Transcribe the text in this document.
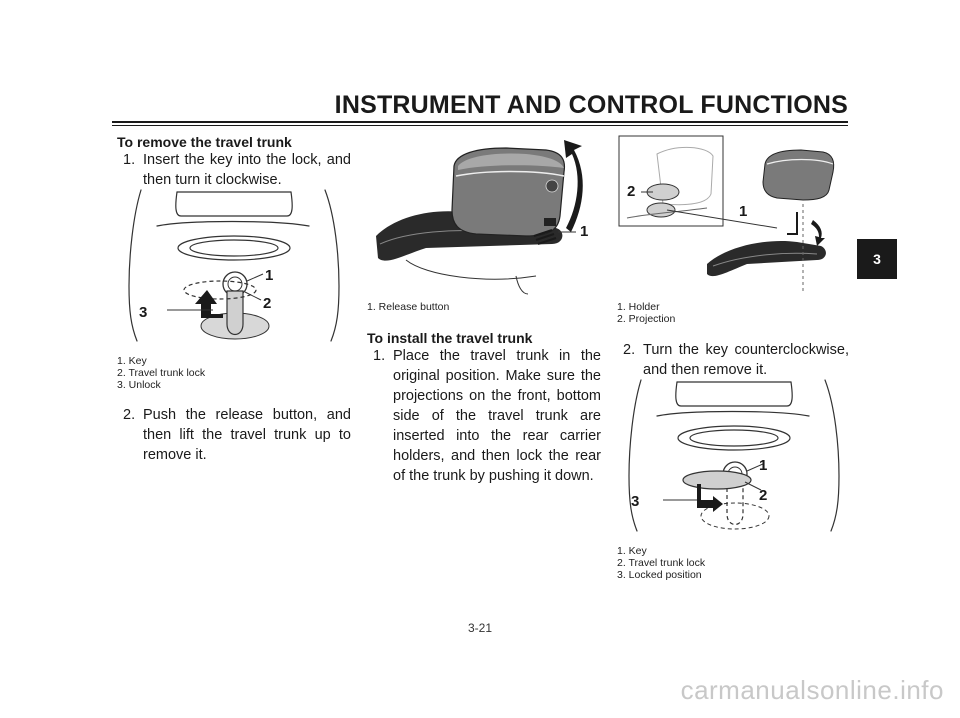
INSTRUMENT AND CONTROL FUNCTIONS
3
To remove the travel trunk
1. Insert the key into the lock, and then turn it clockwise.
1
2
3
1. Key
2. Travel trunk lock
3. Unlock
2. Push the release button, and then lift the travel trunk up to remove it.
1
1. Release button
To install the travel trunk
1. Place the travel trunk in the original position. Make sure the projections on the front, bottom side of the travel trunk are inserted into the rear carrier holders, and then lock the rear of the trunk by pushing it down.
2
1
1. Holder
2. Projection
2. Turn the key counterclockwise, and then remove it.
1
2
3
1. Key
2. Travel trunk lock
3. Locked position
3-21
carmanualsonline.info
